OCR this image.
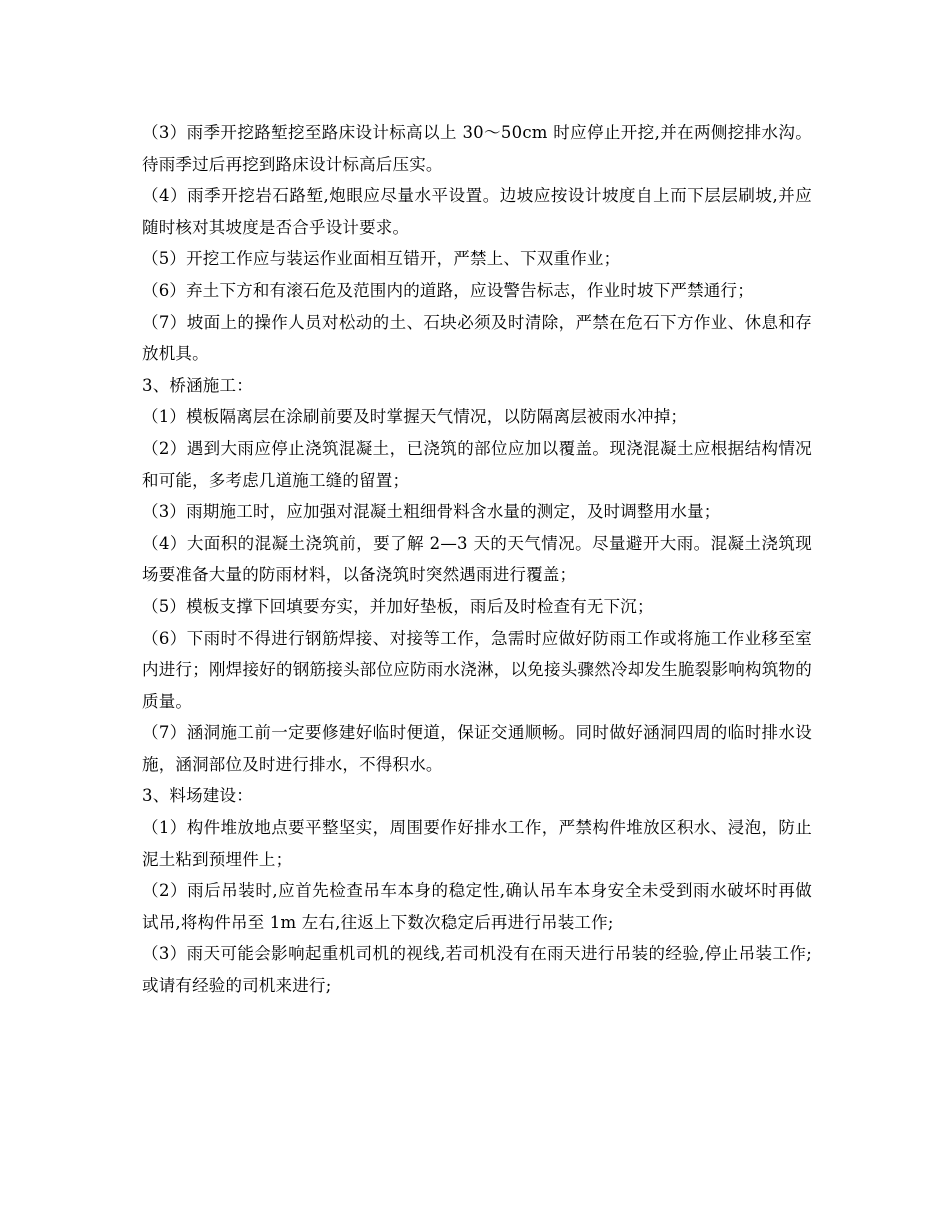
（3）雨季开挖路堑挖至路床设计标高以上 30～50cm 时应停止开挖,并在两侧挖排水沟。待雨季过后再挖到路床设计标高后压实。

（4）雨季开挖岩石路堑,炮眼应尽量水平设置。边坡应按设计坡度自上而下层层刷坡,并应随时核对其坡度是否合乎设计要求。

（5）开挖工作应与装运作业面相互错开，严禁上、下双重作业；

（6）弃土下方和有滚石危及范围内的道路，应设警告标志，作业时坡下严禁通行；

（7）坡面上的操作人员对松动的土、石块必须及时清除，严禁在危石下方作业、休息和存放机具。

3、桥涵施工：

（1）模板隔离层在涂刷前要及时掌握天气情况，以防隔离层被雨水冲掉；

（2）遇到大雨应停止浇筑混凝土，已浇筑的部位应加以覆盖。现浇混凝土应根据结构情况和可能，多考虑几道施工缝的留置；

（3）雨期施工时，应加强对混凝土粗细骨料含水量的测定，及时调整用水量；

（4）大面积的混凝土浇筑前，要了解 2—3 天的天气情况。尽量避开大雨。混凝土浇筑现场要准备大量的防雨材料，以备浇筑时突然遇雨进行覆盖；

（5）模板支撑下回填要夯实，并加好垫板，雨后及时检查有无下沉；

（6）下雨时不得进行钢筋焊接、对接等工作，急需时应做好防雨工作或将施工作业移至室内进行；刚焊接好的钢筋接头部位应防雨水浇淋，以免接头骤然冷却发生脆裂影响构筑物的质量。

（7）涵洞施工前一定要修建好临时便道，保证交通顺畅。同时做好涵洞四周的临时排水设施，涵洞部位及时进行排水，不得积水。

3、料场建设：

（1）构件堆放地点要平整坚实，周围要作好排水工作，严禁构件堆放区积水、浸泡，防止泥土粘到预埋件上；

（2）雨后吊装时,应首先检查吊车本身的稳定性,确认吊车本身安全未受到雨水破坏时再做试吊,将构件吊至 1m 左右,往返上下数次稳定后再进行吊装工作;

（3）雨天可能会影响起重机司机的视线,若司机没有在雨天进行吊装的经验,停止吊装工作;或请有经验的司机来进行;
